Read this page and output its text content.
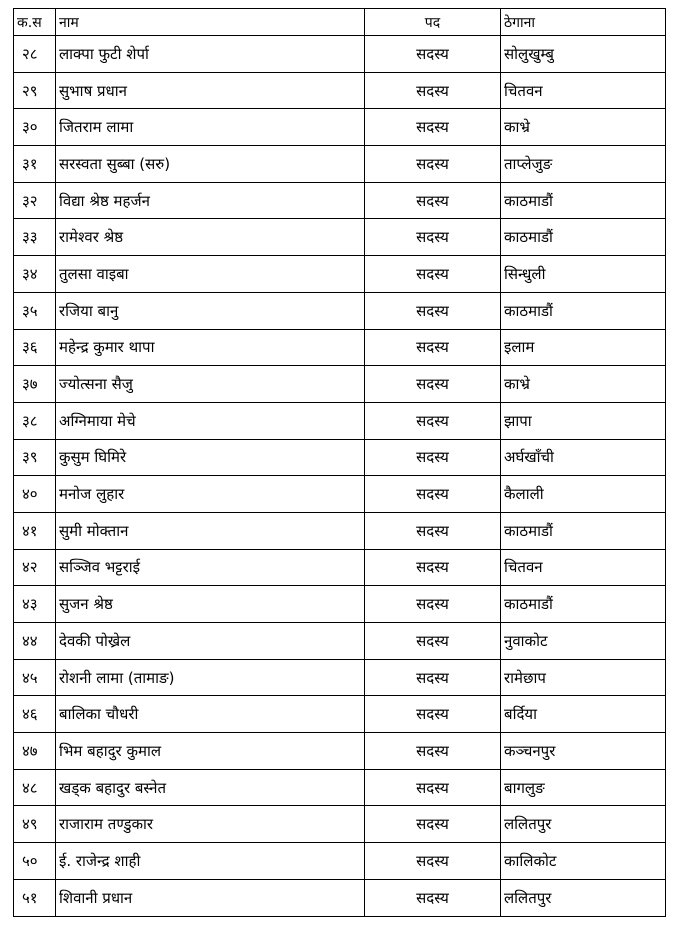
क.स	नाम	पद	ठेगाना
२८	लाक्पा फुटी शेर्पा	सदस्य	सोलुखुम्बु
२९	सुभाष प्रधान	सदस्य	चितवन
३०	जितराम लामा	सदस्य	काभ्रे
३१	सरस्वता सुब्बा (सरु)	सदस्य	ताप्लेजुङ
३२	विद्या श्रेष्ठ महर्जन	सदस्य	काठमाडौं
३३	रामेश्वर श्रेष्ठ	सदस्य	काठमाडौं
३४	तुलसा वाइबा	सदस्य	सिन्धुली
३५	रजिया बानु	सदस्य	काठमाडौं
३६	महेन्द्र कुमार थापा	सदस्य	इलाम
३७	ज्योत्सना सैजु	सदस्य	काभ्रे
३८	अग्निमाया मेचे	सदस्य	झापा
३९	कुसुम घिमिरे	सदस्य	अर्घखाँची
४०	मनोज लुहार	सदस्य	कैलाली
४१	सुमी मोक्तान	सदस्य	काठमाडौं
४२	सञ्जिव भट्टराई	सदस्य	चितवन
४३	सुजन श्रेष्ठ	सदस्य	काठमाडौं
४४	देवकी पोख्रेल	सदस्य	नुवाकोट
४५	रोशनी लामा (तामाङ)	सदस्य	रामेछाप
४६	बालिका चौधरी	सदस्य	बर्दिया
४७	भिम बहादुर कुमाल	सदस्य	कञ्चनपुर
४८	खड्क बहादुर बस्नेत	सदस्य	बागलुङ
४९	राजाराम तण्डुकार	सदस्य	ललितपुर
५०	ई. राजेन्द्र शाही	सदस्य	कालिकोट
५१	शिवानी प्रधान	सदस्य	ललितपुर
